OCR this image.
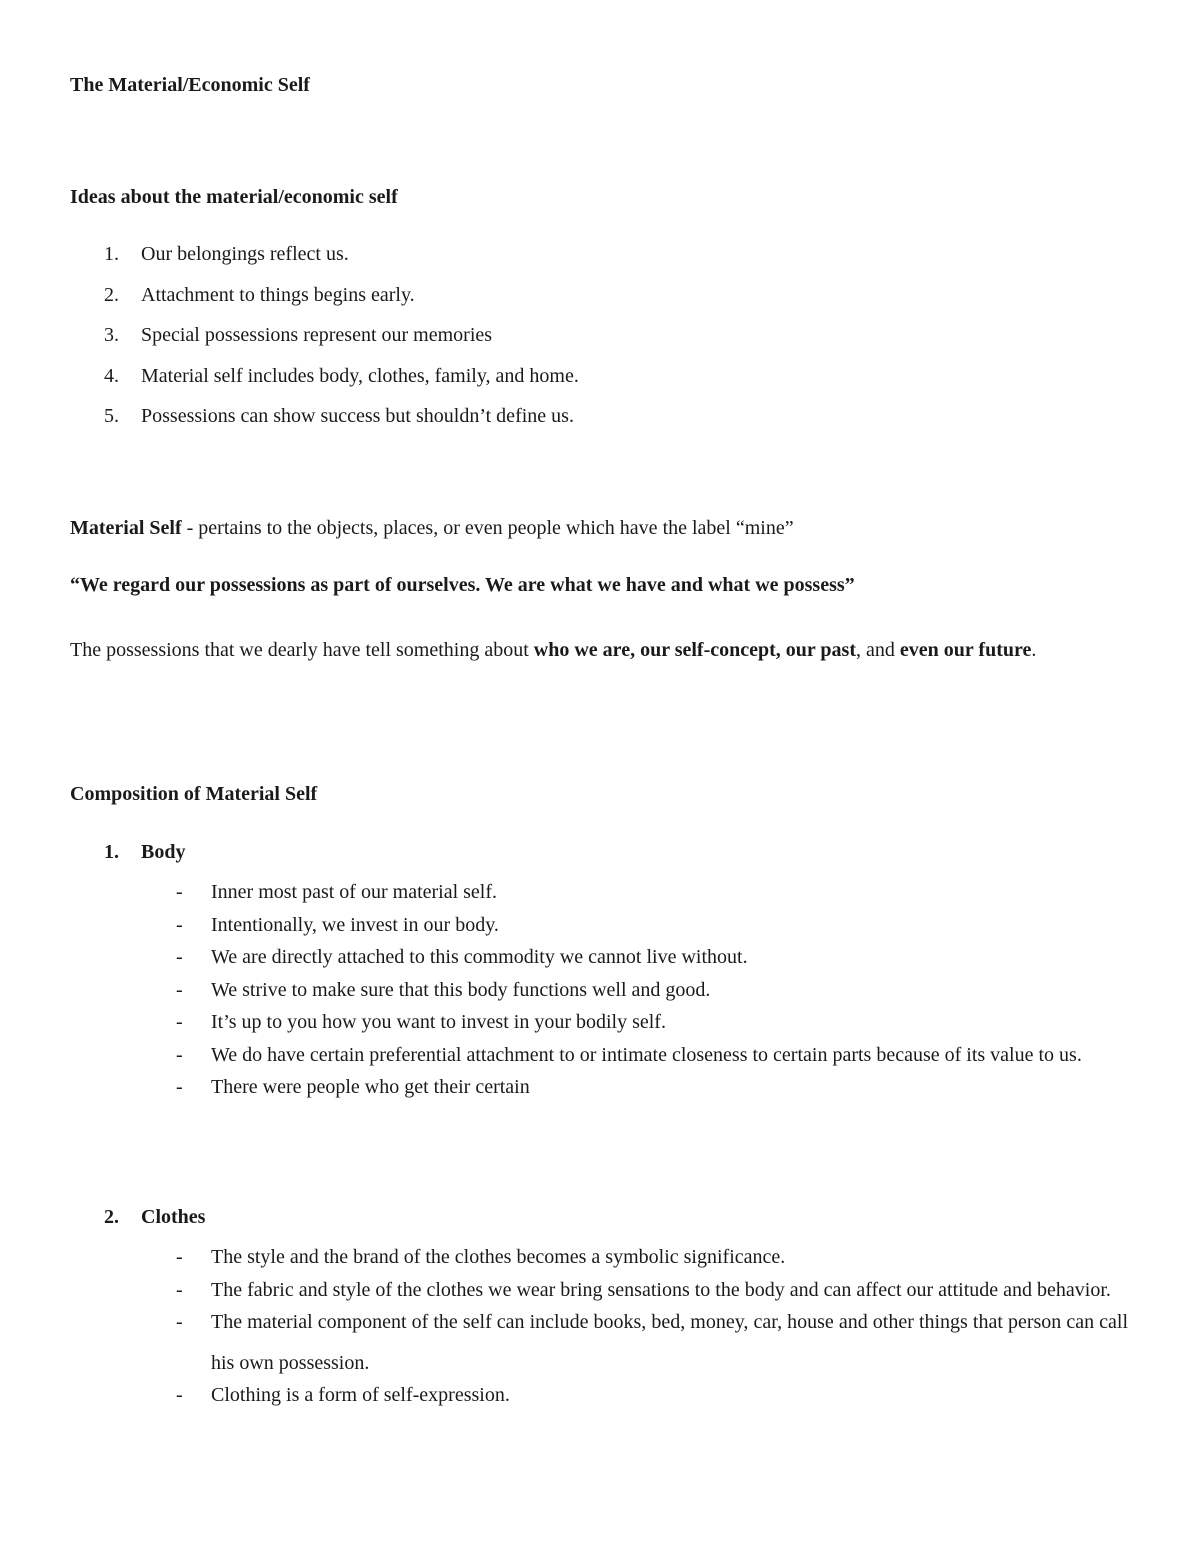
The Material/Economic Self
Ideas about the material/economic self
1. Our belongings reflect us.
2. Attachment to things begins early.
3. Special possessions represent our memories
4. Material self includes body, clothes, family, and home.
5. Possessions can show success but shouldn’t define us.

Material Self - pertains to the objects, places, or even people which have the label “mine”

“We regard our possessions as part of ourselves. We are what we have and what we possess”

The possessions that we dearly have tell something about who we are, our self-concept, our past, and even our future.

Composition of Material Self
1. Body
- Inner most past of our material self.
- Intentionally, we invest in our body.
- We are directly attached to this commodity we cannot live without.
- We strive to make sure that this body functions well and good.
- It’s up to you how you want to invest in your bodily self.
- We do have certain preferential attachment to or intimate closeness to certain parts because of its value to us.
- There were people who get their certain
2. Clothes
- The style and the brand of the clothes becomes a symbolic significance.
- The fabric and style of the clothes we wear bring sensations to the body and can affect our attitude and behavior.
- The material component of the self can include books, bed, money, car, house and other things that person can call his own possession.
- Clothing is a form of self-expression.
